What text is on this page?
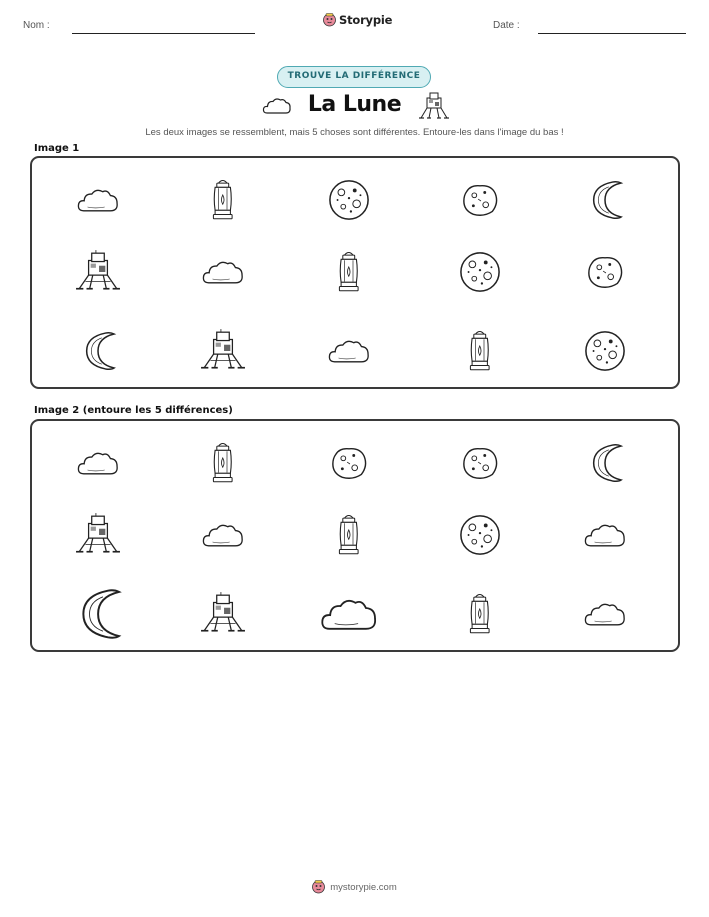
Nom :	Storypie	Date :
TROUVE LA DIFFÉRENCE
La Lune
Les deux images se ressemblent, mais 5 choses sont différentes. Entoure-les dans l'image du bas !
Image 1
Image 2 (entoure les 5 différences)
mystorypie.com
